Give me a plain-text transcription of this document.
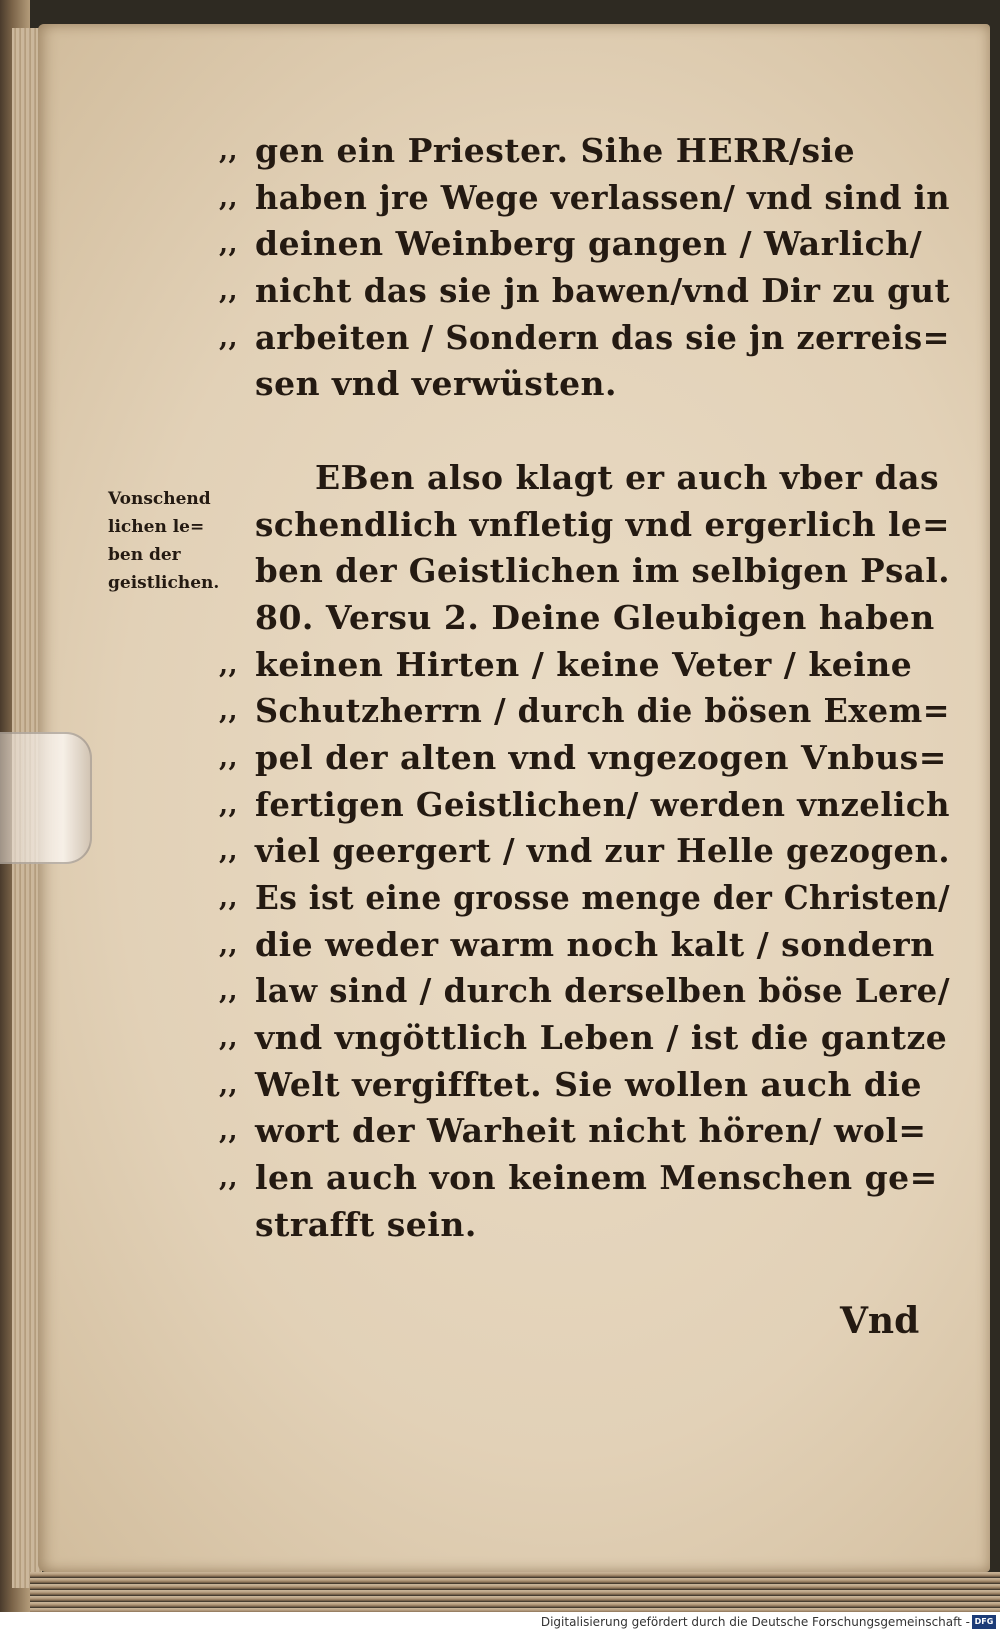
,, gen ein Priester. Sihe HERR/sie
,, haben jre Wege verlassen/ vnd sind in
,, deinen Weinberg gangen / Warlich/
,, nicht das sie jn bawen/vnd Dir zu gut
,, arbeiten / Sondern das sie jn zerreis=
sen vnd verwüsten.
EBen also klagt er auch vber das
schendlich vnfletig vnd ergerlich le=
ben der Geistlichen im selbigen Psal.
80. Versu 2. Deine Gleubigen haben
,, keinen Hirten / keine Veter / keine
,, Schutzherrn / durch die bösen Exem=
,, pel der alten vnd vngezogen Vnbus=
,, fertigen Geistlichen/ werden vnzelich
,, viel geergert / vnd zur Helle gezogen.
,, Es ist eine grosse menge der Christen/
,, die weder warm noch kalt / sondern
,, law sind / durch derselben böse Lere/
,, vnd vngöttlich Leben / ist die gantze
,, Welt vergifftet. Sie wollen auch die
,, wort der Warheit nicht hören/ wol=
,, len auch von keinem Menschen ge=
strafft sein.
Vonschend
lichen le=
ben der
geistlichen.
Vnd
Digitalisierung gefördert durch die Deutsche Forschungsgemeinschaft - DFG
